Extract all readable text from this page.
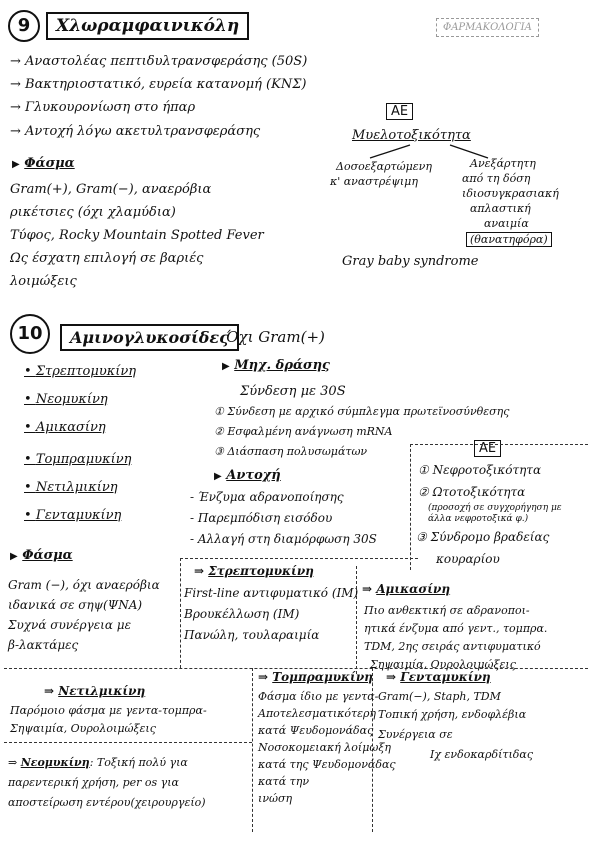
ΦΑΡΜΑΚΟΛΟΓΙΑ
9	Χλωραμφαινικόλη
→ Αναστολέας πεπτιδυλτρανσφεράσης (50S)
→ Βακτηριοστατικό, ευρεία κατανομή (ΚΝΣ)
→ Γλυκουρονίωση στο ήπαρ
→ Αντοχή λόγω ακετυλτρανσφεράσης
ΑΕ
Μυελοτοξικότητα
Δοσοεξαρτώμενη
κ' αναστρέψιμη
Ανεξάρτητη
από τη δόση
ιδιοσυγκρασιακή
απλαστική
αναιμία
(θανατηφόρα)
Gray baby syndrome
▶ Φάσμα
Gram(+), Gram(−), αναερόβια
ρικέτσιες (όχι χλαμύδια)
Τύφος, Rocky Mountain Spotted Fever
Ως έσχατη επιλογή σε βαριές
λοιμώξεις
10	Αμινογλυκοσίδες
Όχι Gram(+)
• Στρεπτομυκίνη
• Νεομυκίνη
• Αμικασίνη
• Τομπραμυκίνη
• Νετιλμικίνη
• Γενταμυκίνη
▶ Μηχ. δράσης
Σύνδεση με 30S
① Σύνδεση με αρχικό σύμπλεγμα πρωτεϊνοσύνθεσης
② Εσφαλμένη ανάγνωση mRNA
③ Διάσπαση πολυσωμάτων
▶ Αντοχή
- Ένζυμα αδρανοποίησης
- Παρεμπόδιση εισόδου
- Αλλαγή στη διαμόρφωση 30S
ΑΕ
① Νεφροτοξικότητα
② Ωτοτοξικότητα
(προσοχή σε συγχορήγηση με άλλα νεφροτοξικά φ.)
③ Σύνδρομο βραδείας
κουραρίου
▶ Φάσμα
Gram (−), όχι αναερόβια
ιδανικά σε σηψ(ΨΝΑ)
Συχνά συνέργεια με
β-λακτάμες
⇒ Στρεπτομυκίνη
First-line αντιφυματικό (ΙΜ)
Βρουκέλλωση (ΙΜ)
Πανώλη, τουλαραιμία
⇒ Αμικασίνη
Πιο ανθεκτική σε αδρανοποι-
ητικά ένζυμα από γεντ., τομπρα.
TDM, 2ης σειράς αντιφυματικό
Σηψαιμία, Ουρολοιμώξεις
⇒ Νετιλμικίνη
Παρόμοιο φάσμα με γεντα-τομπρα-
Σηψαιμία, Ουρολοιμώξεις
⇒ Τομπραμυκίνη
Φάσμα ίδιο με γεντα-
Αποτελεσματικότερη
κατά Ψευδομονάδας
Νοσοκομειακή λοίμωξη
κατά της Ψευδομονάδας
κατά την
ινώση
⇒ Γενταμυκίνη
Gram(−), Staph, TDM
Τοπική χρήση, ενδοφλέβια
Συνέργεια σε
Ιχ ενδοκαρδίτιδας
⇒ Νεομυκίνη: Τοξική πολύ για
παρεντερική χρήση, per os για
αποστείρωση εντέρου(χειρουργείο)
